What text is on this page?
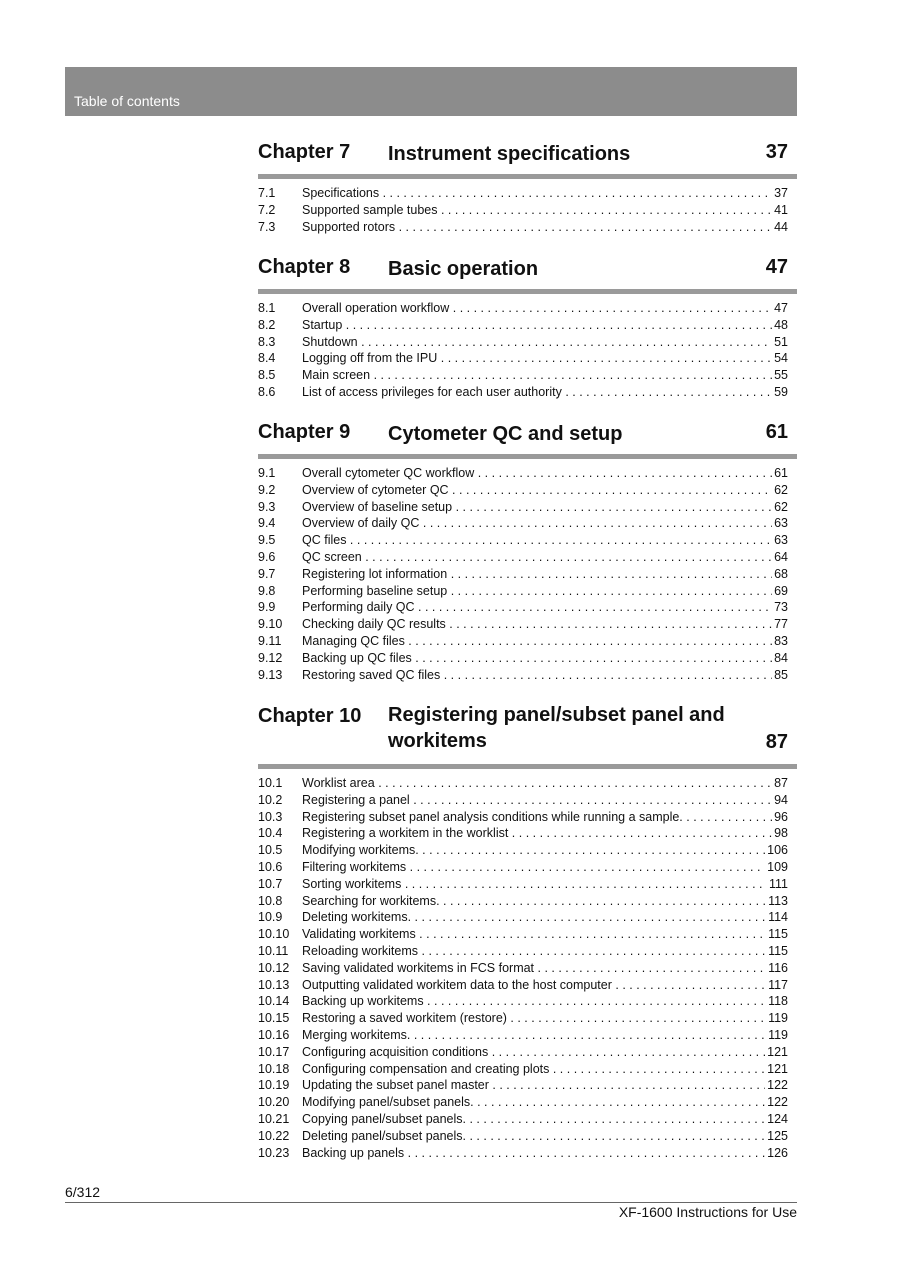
Table of contents
Chapter 7 Instrument specifications	37
7.1 Specifications . . .	37
7.2 Supported sample tubes . . .	41
7.3 Supported rotors . . .	44
Chapter 8 Basic operation	47
8.1 Overall operation workflow . . .	47
8.2 Startup . . .	48
8.3 Shutdown . . .	51
8.4 Logging off from the IPU . . .	54
8.5 Main screen . . .	55
8.6 List of access privileges for each user authority . . .	59
Chapter 9 Cytometer QC and setup	61
9.1 Overall cytometer QC workflow . . .	61
9.2 Overview of cytometer QC . . .	62
9.3 Overview of baseline setup . . .	62
9.4 Overview of daily QC . . .	63
9.5 QC files . . .	63
9.6 QC screen . . .	64
9.7 Registering lot information . . .	68
9.8 Performing baseline setup . . .	69
9.9 Performing daily QC . . .	73
9.10 Checking daily QC results . . .	77
9.11 Managing QC files . . .	83
9.12 Backing up QC files . . .	84
9.13 Restoring saved QC files . . .	85
Chapter 10 Registering panel/subset panel and
workitems	87
10.1 Worklist area . . .	87
10.2 Registering a panel . . .	94
10.3 Registering subset panel analysis conditions while running a sample. . . .	96
10.4 Registering a workitem in the worklist . . .	98
10.5 Modifying workitems. . . .	106
10.6 Filtering workitems . . .	109
10.7 Sorting workitems . . .	111
10.8 Searching for workitems. . . .	113
10.9 Deleting workitems. . . .	114
10.10 Validating workitems . . .	115
10.11 Reloading workitems . . .	115
10.12 Saving validated workitems in FCS format . . .	116
10.13 Outputting validated workitem data to the host computer . . .	117
10.14 Backing up workitems . . .	118
10.15 Restoring a saved workitem (restore) . . .	119
10.16 Merging workitems. . . .	119
10.17 Configuring acquisition conditions . . .	121
10.18 Configuring compensation and creating plots . . .	121
10.19 Updating the subset panel master . . .	122
10.20 Modifying panel/subset panels. . . .	122
10.21 Copying panel/subset panels. . . .	124
10.22 Deleting panel/subset panels. . . .	125
10.23 Backing up panels . . .	126
6/312
XF-1600 Instructions for Use
